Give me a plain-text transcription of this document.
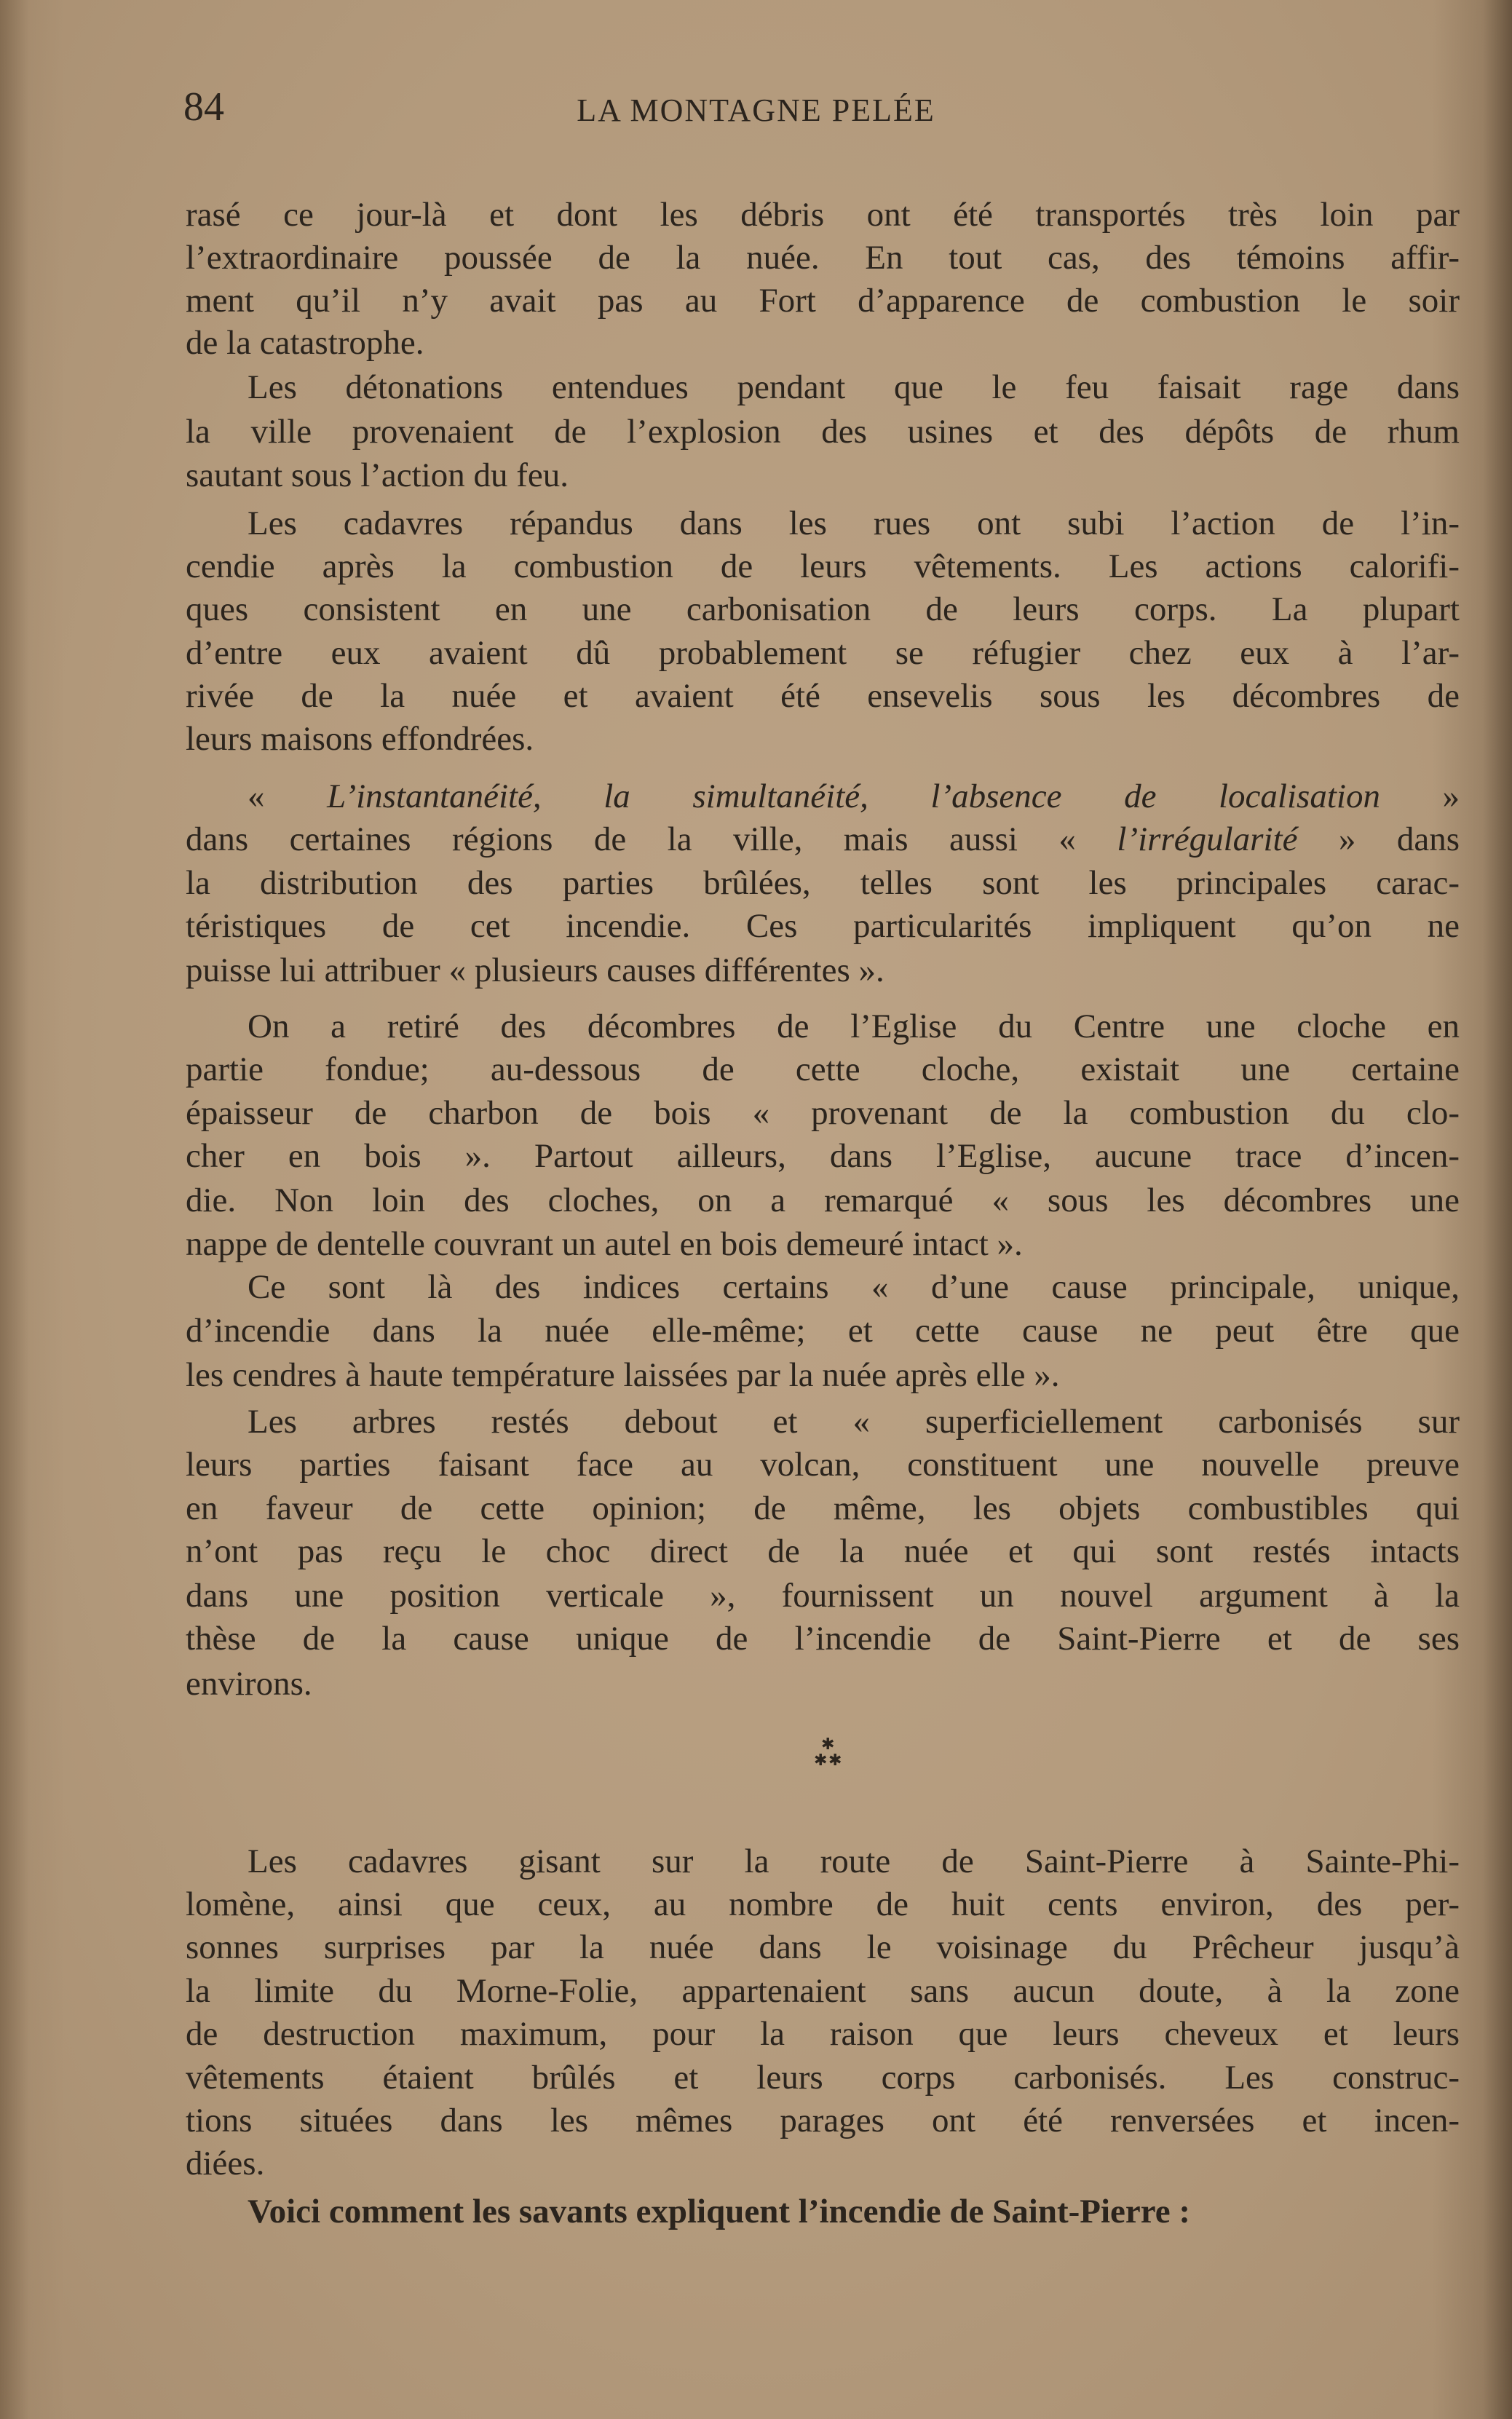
84	LA MONTAGNE PELÉE
✱
✱ ✱
rasé ce jour-là et dont les débris ont été transportés très loin par
l’extraordinaire poussée de la nuée. En tout cas, des témoins affir-
ment qu’il n’y avait pas au Fort d’apparence de combustion le soir
de la catastrophe.
Les détonations entendues pendant que le feu faisait rage dans
la ville provenaient de l’explosion des usines et des dépôts de rhum
sautant sous l’action du feu.
Les cadavres répandus dans les rues ont subi l’action de l’in-
cendie après la combustion de leurs vêtements. Les actions calorifi-
ques consistent en une carbonisation de leurs corps. La plupart
d’entre eux avaient dû probablement se réfugier chez eux à l’ar-
rivée de la nuée et avaient été ensevelis sous les décombres de
leurs maisons effondrées.
« L’instantanéité, la simultanéité, l’absence de localisation »
dans certaines régions de la ville, mais aussi « l’irrégularité » dans
la distribution des parties brûlées, telles sont les principales carac-
téristiques de cet incendie. Ces particularités impliquent qu’on ne
puisse lui attribuer « plusieurs causes différentes ».
On a retiré des décombres de l’Eglise du Centre une cloche en
partie fondue; au-dessous de cette cloche, existait une certaine
épaisseur de charbon de bois « provenant de la combustion du clo-
cher en bois ». Partout ailleurs, dans l’Eglise, aucune trace d’incen-
die. Non loin des cloches, on a remarqué « sous les décombres une
nappe de dentelle couvrant un autel en bois demeuré intact ».
Ce sont là des indices certains « d’une cause principale, unique,
d’incendie dans la nuée elle-même; et cette cause ne peut être que
les cendres à haute température laissées par la nuée après elle ».
Les arbres restés debout et « superficiellement carbonisés sur
leurs parties faisant face au volcan, constituent une nouvelle preuve
en faveur de cette opinion; de même, les objets combustibles qui
n’ont pas reçu le choc direct de la nuée et qui sont restés intacts
dans une position verticale », fournissent un nouvel argument à la
thèse de la cause unique de l’incendie de Saint-Pierre et de ses
environs.
Les cadavres gisant sur la route de Saint-Pierre à Sainte-Phi-
lomène, ainsi que ceux, au nombre de huit cents environ, des per-
sonnes surprises par la nuée dans le voisinage du Prêcheur jusqu’à
la limite du Morne-Folie, appartenaient sans aucun doute, à la zone
de destruction maximum, pour la raison que leurs cheveux et leurs
vêtements étaient brûlés et leurs corps carbonisés. Les construc-
tions situées dans les mêmes parages ont été renversées et incen-
diées.
Voici comment les savants expliquent l’incendie de Saint-Pierre :
